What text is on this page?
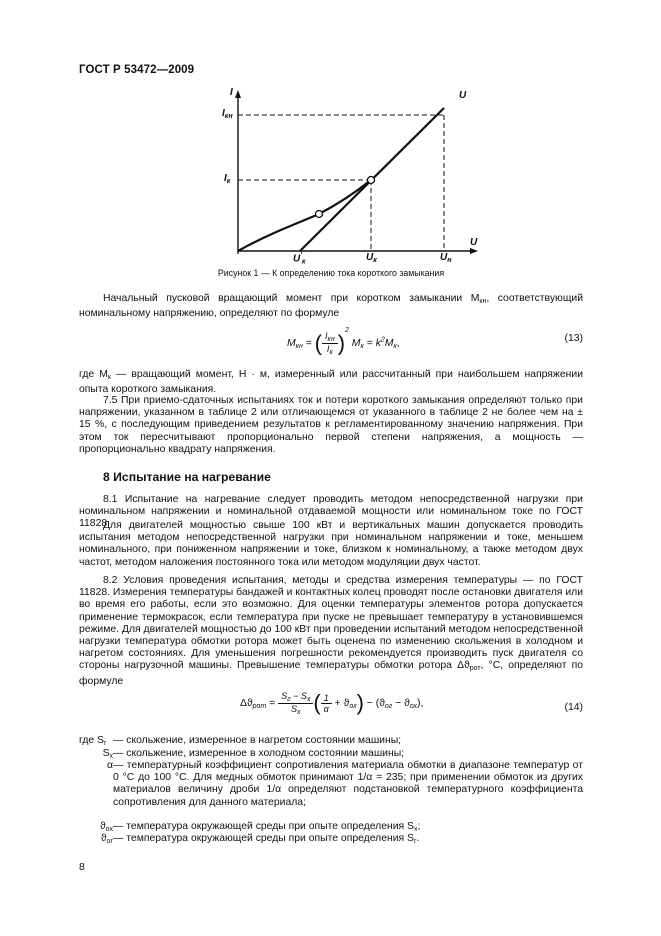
ГОСТ Р 53472—2009
I
$I_{кн}$
$I_к$
U
$U'_к$	$U_к$	$U_н$
U
Рисунок 1 — К определению тока короткого замыкания
Начальный пусковой вращающий момент при коротком замыкании $M_{кн}$, соответствующий номинальному напряжению, определяют по формуле
$M_{кн}$ = ( $\frac{I_{кн}}{I_к} )^2$ $M_к = k^2M_к$,	(13)
где $M_к$ — вращающий момент, Н · м, измеренный или рассчитанный при наибольшем напряжении опыта короткого замыкания.
7.5 При приемо-сдаточных испытаниях ток и потери короткого замыкания определяют только при напряжении, указанном в таблице 2 или отличающемся от указанного в таблице 2 не более чем на ± 15 %, с последующим приведением результатов к регламентированному значению напряжения. При этом ток пересчитывают пропорционально первой степени напряжения, а мощность — пропорционально квадрату напряжения.
8 Испытание на нагревание
8.1 Испытание на нагревание следует проводить методом непосредственной нагрузки при номинальном напряжении и номинальной отдаваемой мощности или номинальном токе по ГОСТ 11828.
Для двигателей мощностью свыше 100 кВт и вертикальных машин допускается проводить испытания методом непосредственной нагрузки при номинальном напряжении и токе, меньшем номинального, при пониженном напряжении и токе, близком к номинальному, а также методом двух частот, методом наложения постоянного тока или методом модуляции двух частот.
8.2 Условия проведения испытания, методы и средства измерения температуры — по ГОСТ 11828. Измерения температуры бандажей и контактных колец проводят после остановки двигателя или во время его работы, если это возможно. Для оценки температуры элементов ротора допускается применение термокрасок, если температура при пуске не превышает температуру в установившемся режиме. Для двигателей мощностью до 100 кВт при проведении испытаний методом непосредственной нагрузки температура обмотки ротора может быть оценена по изменению скольжения в холодном и нагретом состояниях. Для уменьшения погрешности рекомендуется производить пуск двигателя со стороны нагрузочной машины. Превышение температуры обмотки ротора $\Delta ϑ_{рот}$, °С, определяют по формуле
$\Delta ϑ_{рот} = \frac{S_г - S_х}{S_х}$ ( $\frac{1}{\alpha} + ϑ_{ох}) - (ϑ_{ог} - ϑ_{ох})$,	(14)
где $S_г$ — скольжение, измеренное в нагретом состоянии машины;
$S_х$ — скольжение, измеренное в холодном состоянии машины;
α — температурный коэффициент сопротивления материала обмотки в диапазоне температур от 0 °С до 100 °С. Для медных обмоток принимают 1/α = 235; при применении обмоток из других материалов величину дроби 1/α определяют подстановкой температурного коэффициента сопротивления для данного материала;
$ϑ_{ох}$ — температура окружающей среды при опыте определения $S_х$;
$ϑ_{ог}$ — температура окружающей среды при опыте определения $S_г$.
8
